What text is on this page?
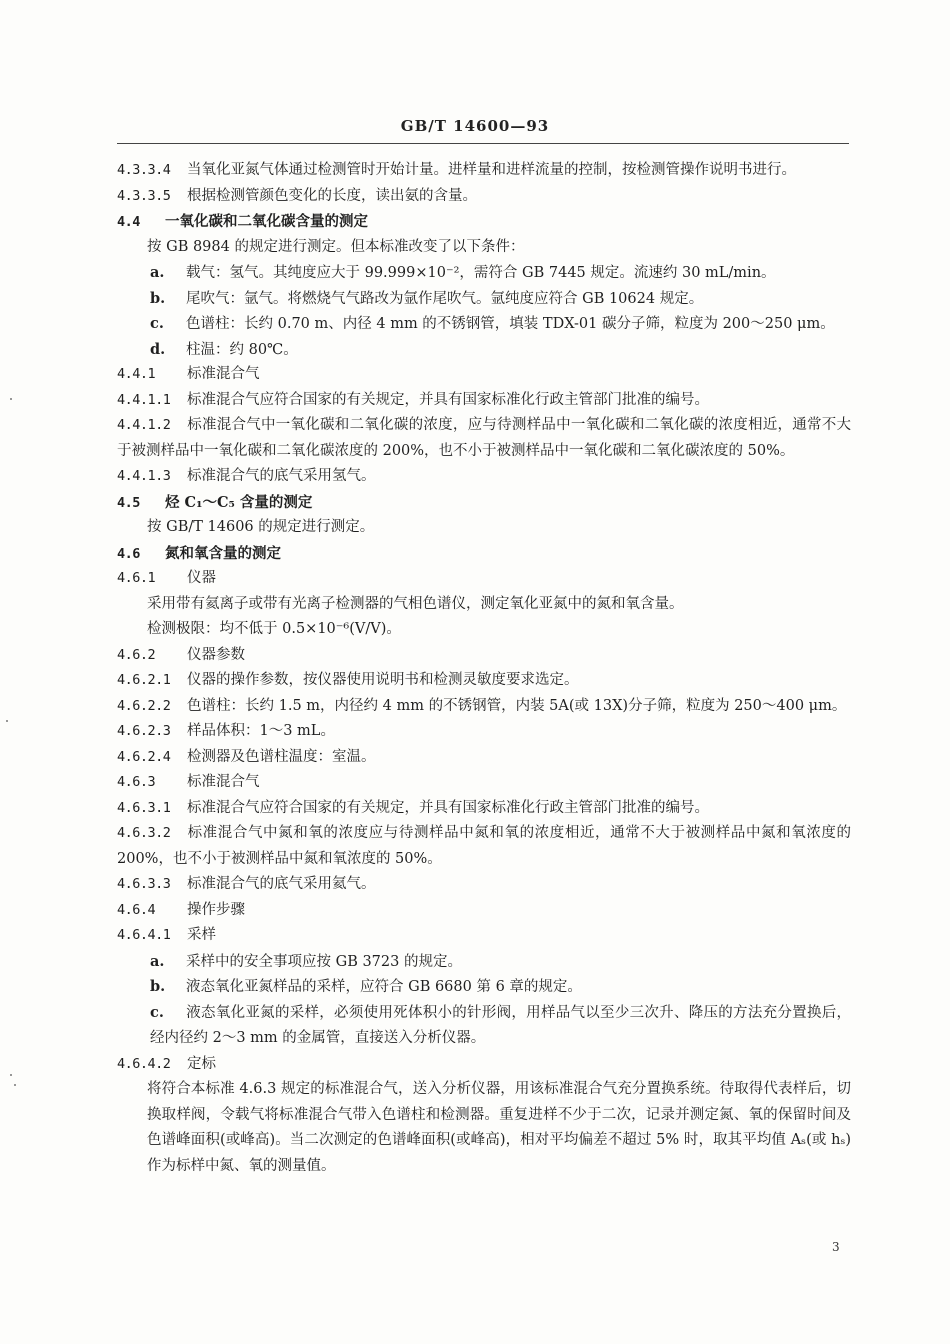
GB/T 14600—93
4.3.3.4 当氧化亚氮气体通过检测管时开始计量。进样量和进样流量的控制，按检测管操作说明书进行。
4.3.3.5 根据检测管颜色变化的长度，读出氨的含量。
4.4 一氧化碳和二氧化碳含量的测定
按 GB 8984 的规定进行测定。但本标准改变了以下条件：
a. 载气：氢气。其纯度应大于 99.999×10⁻²，需符合 GB 7445 规定。流速约 30 mL/min。
b. 尾吹气：氩气。将燃烧气气路改为氩作尾吹气。氩纯度应符合 GB 10624 规定。
c. 色谱柱：长约 0.70 m、内径 4 mm 的不锈钢管，填装 TDX-01 碳分子筛，粒度为 200～250 μm。
d. 柱温：约 80℃。
4.4.1 标准混合气
4.4.1.1 标准混合气应符合国家的有关规定，并具有国家标准化行政主管部门批准的编号。
4.4.1.2 标准混合气中一氧化碳和二氧化碳的浓度，应与待测样品中一氧化碳和二氧化碳的浓度相近，通常不大于被测样品中一氧化碳和二氧化碳浓度的 200%，也不小于被测样品中一氧化碳和二氧化碳浓度的 50%。
4.4.1.3 标准混合气的底气采用氢气。
4.5 烃 C₁～C₅ 含量的测定
按 GB/T 14606 的规定进行测定。
4.6 氮和氧含量的测定
4.6.1 仪器
采用带有氦离子或带有光离子检测器的气相色谱仪，测定氧化亚氮中的氮和氧含量。
检测极限：均不低于 0.5×10⁻⁶(V/V)。
4.6.2 仪器参数
4.6.2.1 仪器的操作参数，按仪器使用说明书和检测灵敏度要求选定。
4.6.2.2 色谱柱：长约 1.5 m，内径约 4 mm 的不锈钢管，内装 5A(或 13X)分子筛，粒度为 250～400 μm。
4.6.2.3 样品体积：1～3 mL。
4.6.2.4 检测器及色谱柱温度：室温。
4.6.3 标准混合气
4.6.3.1 标准混合气应符合国家的有关规定，并具有国家标准化行政主管部门批准的编号。
4.6.3.2 标准混合气中氮和氧的浓度应与待测样品中氮和氧的浓度相近，通常不大于被测样品中氮和氧浓度的 200%，也不小于被测样品中氮和氧浓度的 50%。
4.6.3.3 标准混合气的底气采用氦气。
4.6.4 操作步骤
4.6.4.1 采样
a. 采样中的安全事项应按 GB 3723 的规定。
b. 液态氧化亚氮样品的采样，应符合 GB 6680 第 6 章的规定。
c. 液态氧化亚氮的采样，必须使用死体积小的针形阀，用样品气以至少三次升、降压的方法充分置换后，经内径约 2～3 mm 的金属管，直接送入分析仪器。
4.6.4.2 定标
将符合本标准 4.6.3 规定的标准混合气，送入分析仪器，用该标准混合气充分置换系统。待取得代表样后，切换取样阀，令载气将标准混合气带入色谱柱和检测器。重复进样不少于二次，记录并测定氮、氧的保留时间及色谱峰面积(或峰高)。当二次测定的色谱峰面积(或峰高)，相对平均偏差不超过 5% 时，取其平均值 Aₛ(或 hₛ)作为标样中氮、氧的测量值。
3
